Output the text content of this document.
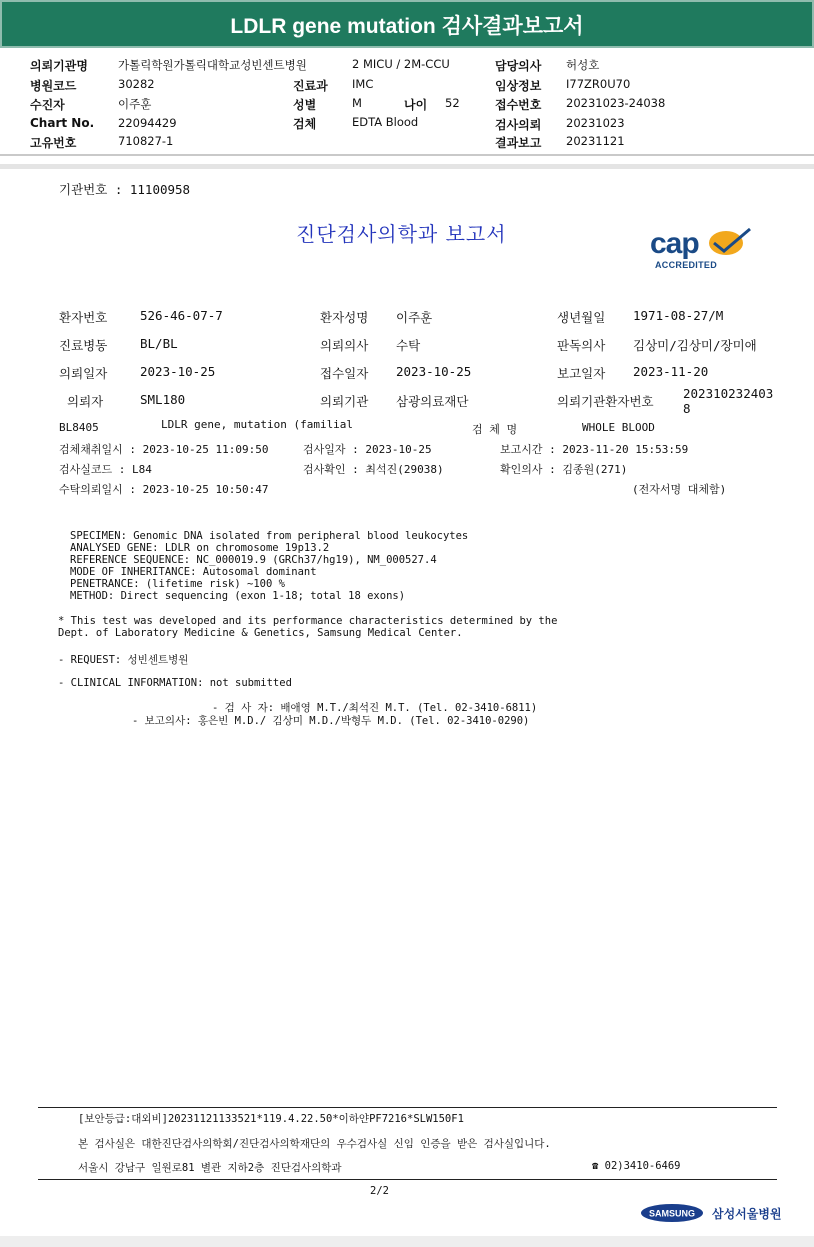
LDLR gene mutation 검사결과보고서
의뢰기관명	가톨릭학원가톨릭대학교성빈센트병원	2 MICU / 2M-CCU	담당의사 허성호
병원코드	30282	진료과 IMC	임상정보 I77ZR0U70
수진자	이주훈	성별	M	나이 52	접수번호 20231023-24038
Chart No. 22094429	검체	EDTA Blood	검사의뢰 20231023
고유번호	710827-1	결과보고 20231121
기관번호 : 11100958
진단검사의학과 보고서	cap
ACCREDITED
환자번호	526-46-07-7	환자성명 이주훈	생년월일 1971-08-27/M
진료병동	BL/BL	의뢰의사 수탁	판독의사 김상미/김상미/장미애
의뢰일자	2023-10-25	접수일자 2023-10-25	보고일자 2023-11-20
의뢰자	SML180	의뢰기관 삼광의료재단	의뢰기관환자번호
202310232403
8
BL8405	LDLR gene, mutation (familial	검 체 명	WHOLE BLOOD
검체채취일시 : 2023-10-25 11:09:50	검사일자 : 2023-10-25	보고시간 : 2023-11-20 15:53:59
검사실코드 : L84	검사확인 : 최석진(29038)	확인의사 : 김종원(271)
수탁의뢰일시 : 2023-10-25 10:50:47	(전자서명 대체함)
SPECIMEN: Genomic DNA isolated from peripheral blood leukocytes
ANALYSED GENE: LDLR on chromosome 19p13.2
REFERENCE SEQUENCE: NC_000019.9 (GRCh37/hg19), NM_000527.4
MODE OF INHERITANCE: Autosomal dominant
PENETRANCE: (lifetime risk) ~100 %
METHOD: Direct sequencing (exon 1-18; total 18 exons)
* This test was developed and its performance characteristics determined by the
Dept. of Laboratory Medicine & Genetics, Samsung Medical Center.
- REQUEST: 성빈센트병원
- CLINICAL INFORMATION: not submitted
- 검 사 자: 배애영 M.T./최석진 M.T. (Tel. 02-3410-6811)
- 보고의사: 홍은빈 M.D./ 김상미 M.D./박형두 M.D. (Tel. 02-3410-0290)
[보안등급:대외비]20231121133521*119.4.22.50*이하얀PF7216*SLW150F1
본 검사실은 대한진단검사의학회/진단검사의학재단의 우수검사실 신임 인증을 받은 검사실입니다.
서울시 강남구 일원로81 별관 지하2층 진단검사의학과	☎ 02)3410-6469
2/2
SAMSUNG 삼성서울병원
